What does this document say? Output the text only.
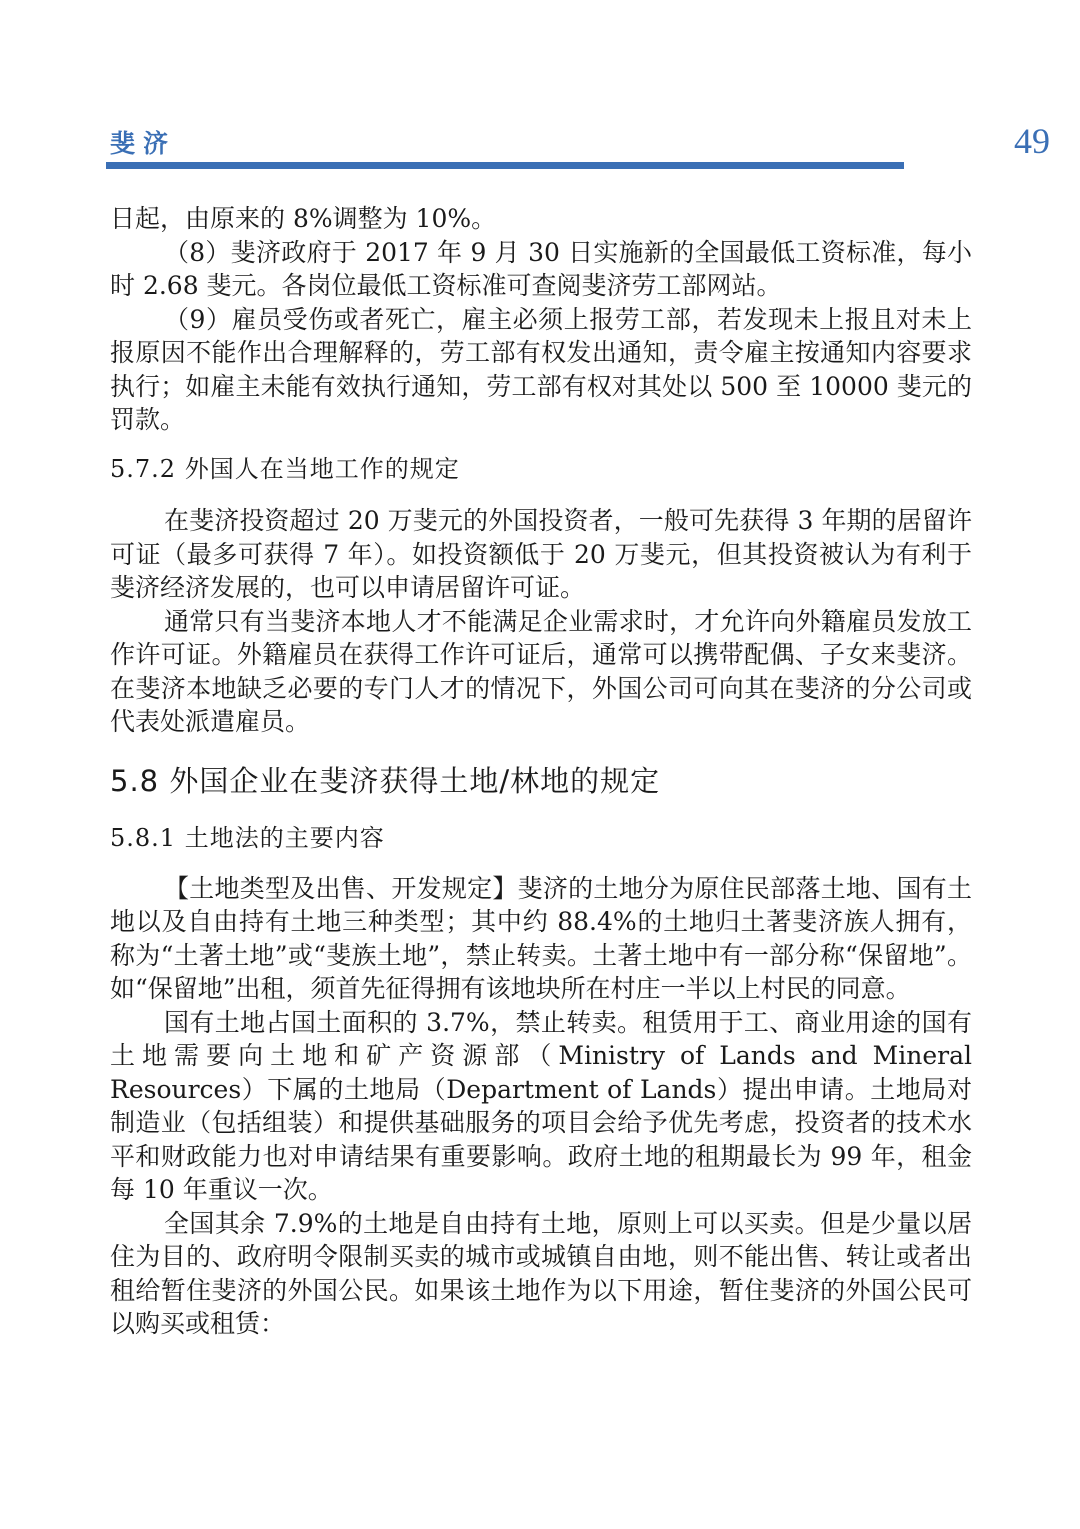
斐济	49

日起，由原来的 8%调整为 10%。

（8）斐济政府于 2017 年 9 月 30 日实施新的全国最低工资标准，每小时 2.68 斐元。各岗位最低工资标准可查阅斐济劳工部网站。

（9）雇员受伤或者死亡，雇主必须上报劳工部，若发现未上报且对未上报原因不能作出合理解释的，劳工部有权发出通知，责令雇主按通知内容要求执行；如雇主未能有效执行通知，劳工部有权对其处以 500 至 10000 斐元的罚款。

5.7.2 外国人在当地工作的规定

在斐济投资超过 20 万斐元的外国投资者，一般可先获得 3 年期的居留许可证（最多可获得 7 年）。如投资额低于 20 万斐元，但其投资被认为有利于斐济经济发展的，也可以申请居留许可证。

通常只有当斐济本地人才不能满足企业需求时，才允许向外籍雇员发放工作许可证。外籍雇员在获得工作许可证后，通常可以携带配偶、子女来斐济。在斐济本地缺乏必要的专门人才的情况下，外国公司可向其在斐济的分公司或代表处派遣雇员。

5.8 外国企业在斐济获得土地/林地的规定
5.8.1 土地法的主要内容

【土地类型及出售、开发规定】斐济的土地分为原住民部落土地、国有土地以及自由持有土地三种类型；其中约 88.4%的土地归土著斐济族人拥有，称为“土著土地”或“斐族土地”，禁止转卖。土著土地中有一部分称“保留地”。如“保留地”出租，须首先征得拥有该地块所在村庄一半以上村民的同意。

国有土地占国土面积的 3.7%，禁止转卖。租赁用于工、商业用途的国有土地需要向土地和矿产资源部（Ministry of Lands and Mineral Resources）下属的土地局（Department of Lands）提出申请。土地局对制造业（包括组装）和提供基础服务的项目会给予优先考虑，投资者的技术水平和财政能力也对申请结果有重要影响。政府土地的租期最长为 99 年，租金每 10 年重议一次。

全国其余 7.9%的土地是自由持有土地，原则上可以买卖。但是少量以居住为目的、政府明令限制买卖的城市或城镇自由地，则不能出售、转让或者出租给暂住斐济的外国公民。如果该土地作为以下用途，暂住斐济的外国公民可以购买或租赁：
